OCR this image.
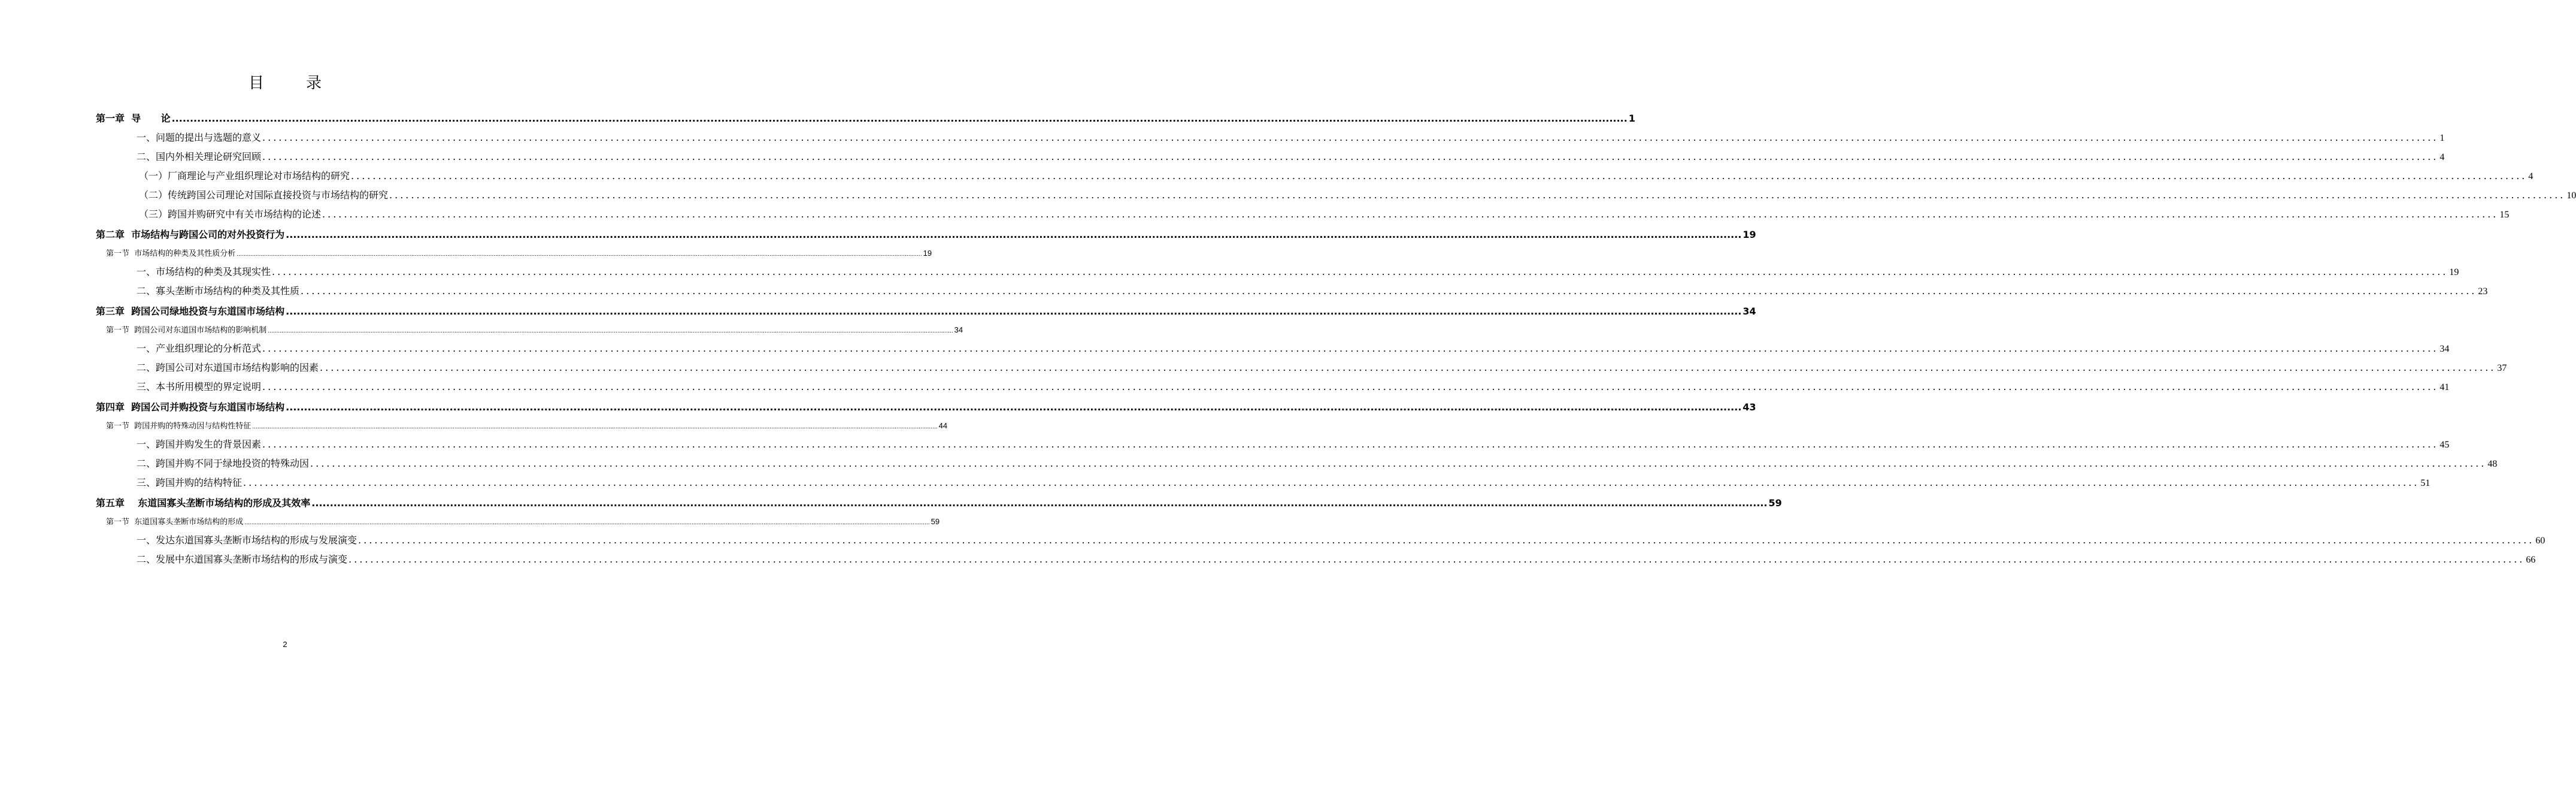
目	录
第一章  导      论 ................................................................................................................................................................................................................................................................................................................................................................................................................ 1
一、问题的提出与选题的意义 ................................................................................................................................................................................................................................................................................................................................................................................................................ 1
二、国内外相关理论研究回顾 ................................................................................................................................................................................................................................................................................................................................................................................................................ 4
（一）厂商理论与产业组织理论对市场结构的研究 ................................................................................................................................................................................................................................................................................................................................................................................................................ 4
（二）传统跨国公司理论对国际直接投资与市场结构的研究 ................................................................................................................................................................................................................................................................................................................................................................................................................ 10
（三）跨国并购研究中有关市场结构的论述 ................................................................................................................................................................................................................................................................................................................................................................................................................ 15
第二章  市场结构与跨国公司的对外投资行为 ................................................................................................................................................................................................................................................................................................................................................................................................................ 19
第一节  市场结构的种类及其性质分析 ................................................................................................................................................................................................................................................................................................................................................................................................................ 19
一、市场结构的种类及其现实性 ................................................................................................................................................................................................................................................................................................................................................................................................................ 19
二、寡头垄断市场结构的种类及其性质 ................................................................................................................................................................................................................................................................................................................................................................................................................ 23
第三章  跨国公司绿地投资与东道国市场结构 ................................................................................................................................................................................................................................................................................................................................................................................................................ 34
第一节  跨国公司对东道国市场结构的影响机制 ................................................................................................................................................................................................................................................................................................................................................................................................................ 34
一、产业组织理论的分析范式 ................................................................................................................................................................................................................................................................................................................................................................................................................ 34
二、跨国公司对东道国市场结构影响的因素 ................................................................................................................................................................................................................................................................................................................................................................................................................ 37
三、本书所用模型的界定说明 ................................................................................................................................................................................................................................................................................................................................................................................................................ 41
第四章  跨国公司并购投资与东道国市场结构 ................................................................................................................................................................................................................................................................................................................................................................................................................ 43
第一节  跨国并购的特殊动因与结构性特征 ................................................................................................................................................................................................................................................................................................................................................................................................................ 44
一、跨国并购发生的背景因素 ................................................................................................................................................................................................................................................................................................................................................................................................................ 45
二、跨国并购不同于绿地投资的特殊动因 ................................................................................................................................................................................................................................................................................................................................................................................................................ 48
三、跨国并购的结构特征 ................................................................................................................................................................................................................................................................................................................................................................................................................ 51
第五章    东道国寡头垄断市场结构的形成及其效率 ................................................................................................................................................................................................................................................................................................................................................................................................................ 59
第一节  东道国寡头垄断市场结构的形成 ................................................................................................................................................................................................................................................................................................................................................................................................................ 59
一、发达东道国寡头垄断市场结构的形成与发展演变 ................................................................................................................................................................................................................................................................................................................................................................................................................ 60
二、发展中东道国寡头垄断市场结构的形成与演变 ................................................................................................................................................................................................................................................................................................................................................................................................................ 66
2
